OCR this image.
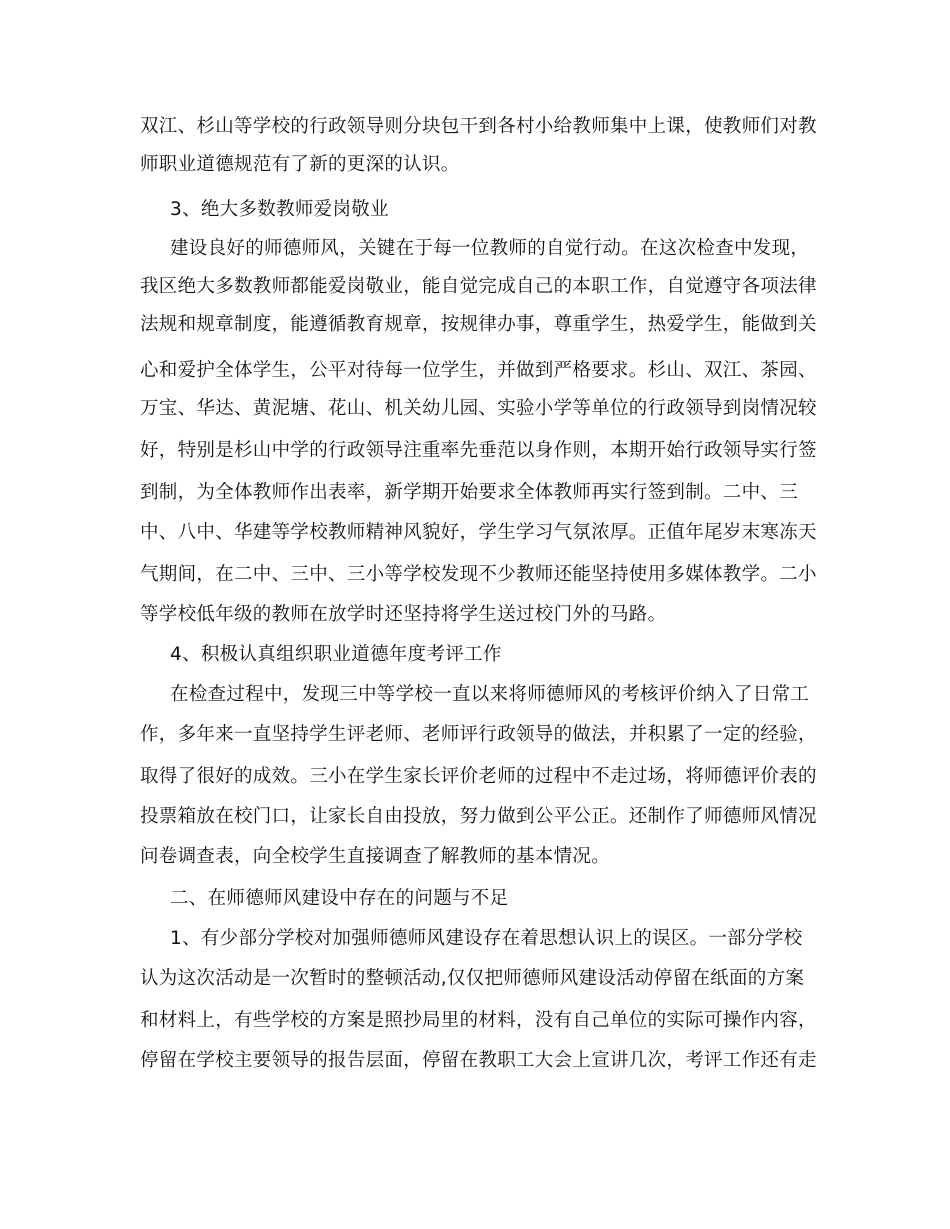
双江、杉山等学校的行政领导则分块包干到各村小给教师集中上课，使教师们对教
师职业道德规范有了新的更深的认识。
3、绝大多数教师爱岗敬业
建设良好的师德师风，关键在于每一位教师的自觉行动。在这次检查中发现，
我区绝大多数教师都能爱岗敬业，能自觉完成自己的本职工作，自觉遵守各项法律
法规和规章制度，能遵循教育规章，按规律办事，尊重学生，热爱学生，能做到关
心和爱护全体学生，公平对待每一位学生，并做到严格要求。杉山、双江、茶园、
万宝、华达、黄泥塘、花山、机关幼儿园、实验小学等单位的行政领导到岗情况较
好，特别是杉山中学的行政领导注重率先垂范以身作则，本期开始行政领导实行签
到制，为全体教师作出表率，新学期开始要求全体教师再实行签到制。二中、三
中、八中、华建等学校教师精神风貌好，学生学习气氛浓厚。正值年尾岁末寒冻天
气期间，在二中、三中、三小等学校发现不少教师还能坚持使用多媒体教学。二小
等学校低年级的教师在放学时还坚持将学生送过校门外的马路。
4、积极认真组织职业道德年度考评工作
在检查过程中，发现三中等学校一直以来将师德师风的考核评价纳入了日常工
作，多年来一直坚持学生评老师、老师评行政领导的做法，并积累了一定的经验，
取得了很好的成效。三小在学生家长评价老师的过程中不走过场，将师德评价表的
投票箱放在校门口，让家长自由投放，努力做到公平公正。还制作了师德师风情况
问卷调查表，向全校学生直接调查了解教师的基本情况。
二、在师德师风建设中存在的问题与不足
1、有少部分学校对加强师德师风建设存在着思想认识上的误区。一部分学校
认为这次活动是一次暂时的整顿活动,仅仅把师德师风建设活动停留在纸面的方案
和材料上，有些学校的方案是照抄局里的材料，没有自己单位的实际可操作内容，
停留在学校主要领导的报告层面，停留在教职工大会上宣讲几次，考评工作还有走
